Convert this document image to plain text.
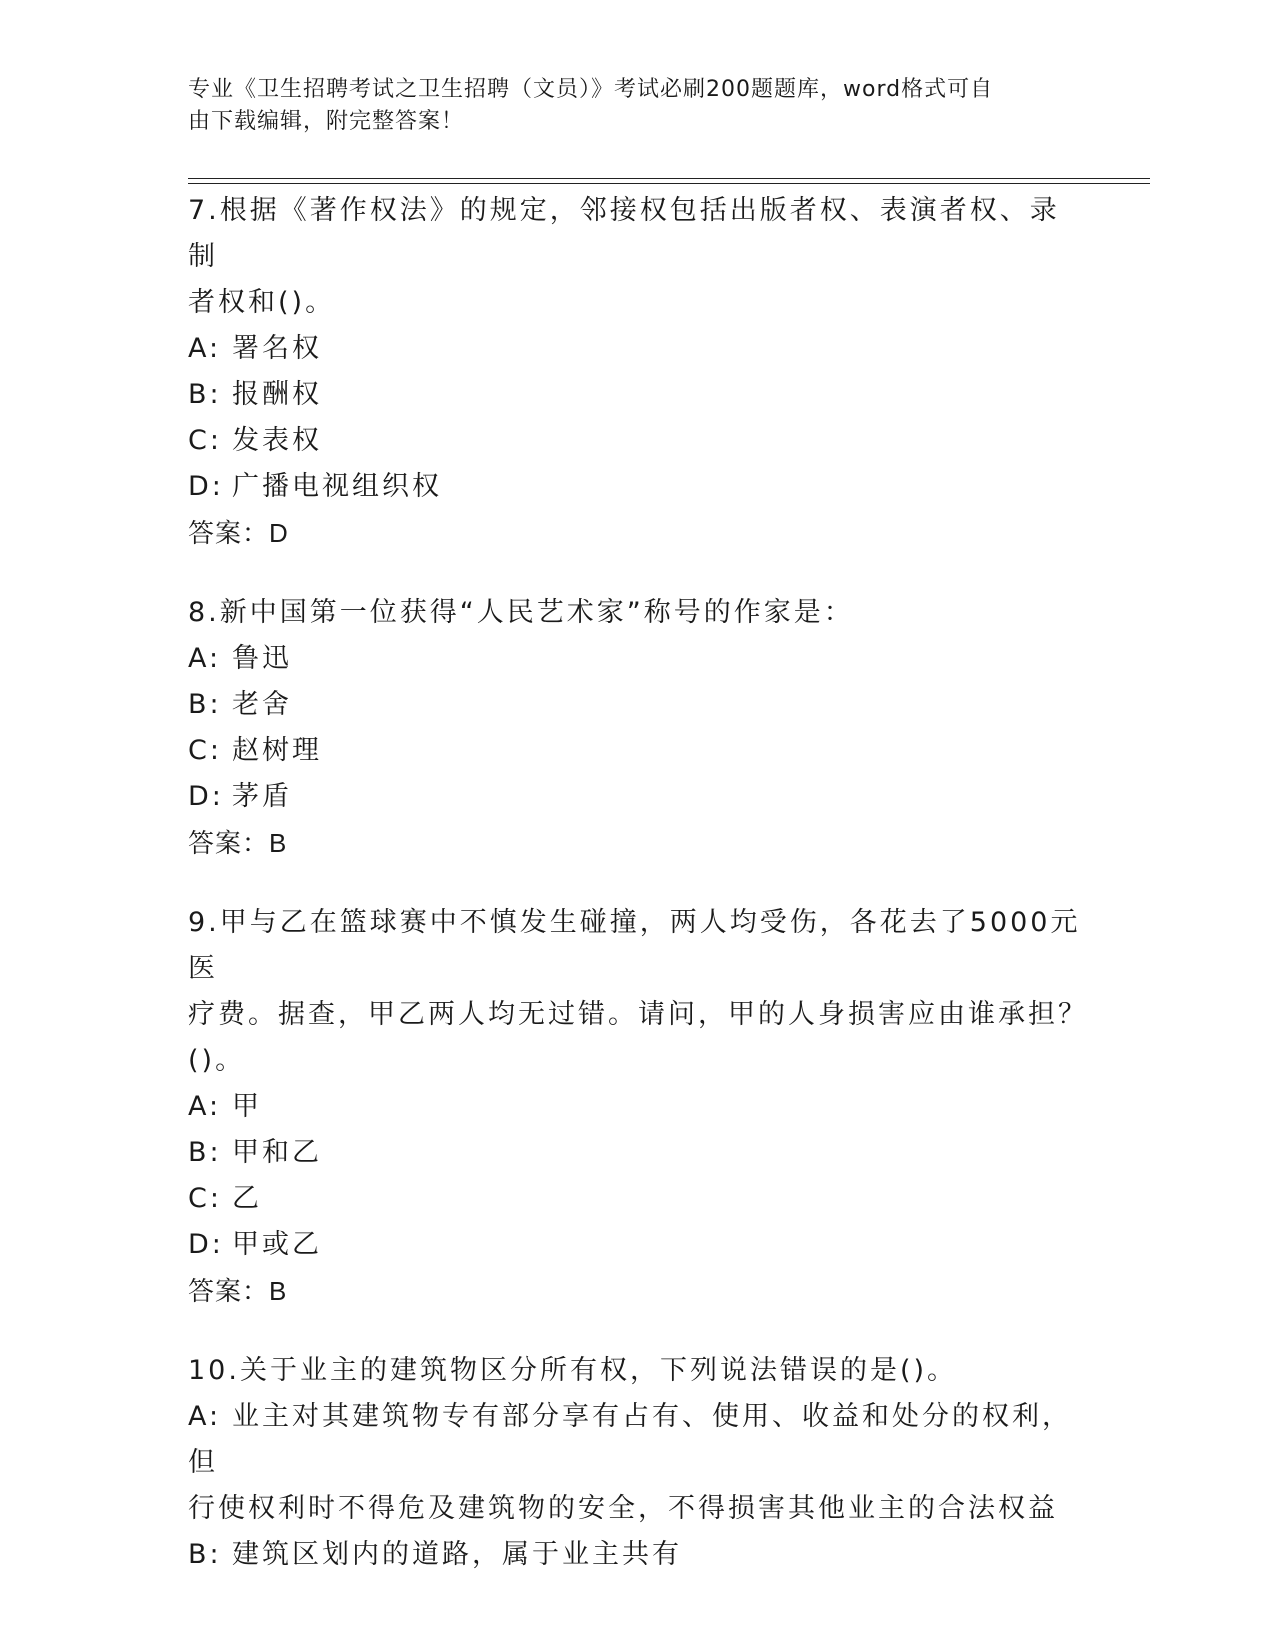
专业《卫生招聘考试之卫生招聘（文员）》考试必刷200题题库，word格式可自
由下载编辑，附完整答案！
7.根据《著作权法》的规定，邻接权包括出版者权、表演者权、录制
者权和()。
A: 署名权
B: 报酬权
C: 发表权
D: 广播电视组织权
答案：D
8.新中国第一位获得“人民艺术家”称号的作家是：
A: 鲁迅
B: 老舍
C: 赵树理
D: 茅盾
答案：B
9.甲与乙在篮球赛中不慎发生碰撞，两人均受伤，各花去了5000元医
疗费。据查，甲乙两人均无过错。请问，甲的人身损害应由谁承担？
()。
A: 甲
B: 甲和乙
C: 乙
D: 甲或乙
答案：B
10.关于业主的建筑物区分所有权，下列说法错误的是()。
A: 业主对其建筑物专有部分享有占有、使用、收益和处分的权利，但
行使权利时不得危及建筑物的安全，不得损害其他业主的合法权益
B: 建筑区划内的道路，属于业主共有
